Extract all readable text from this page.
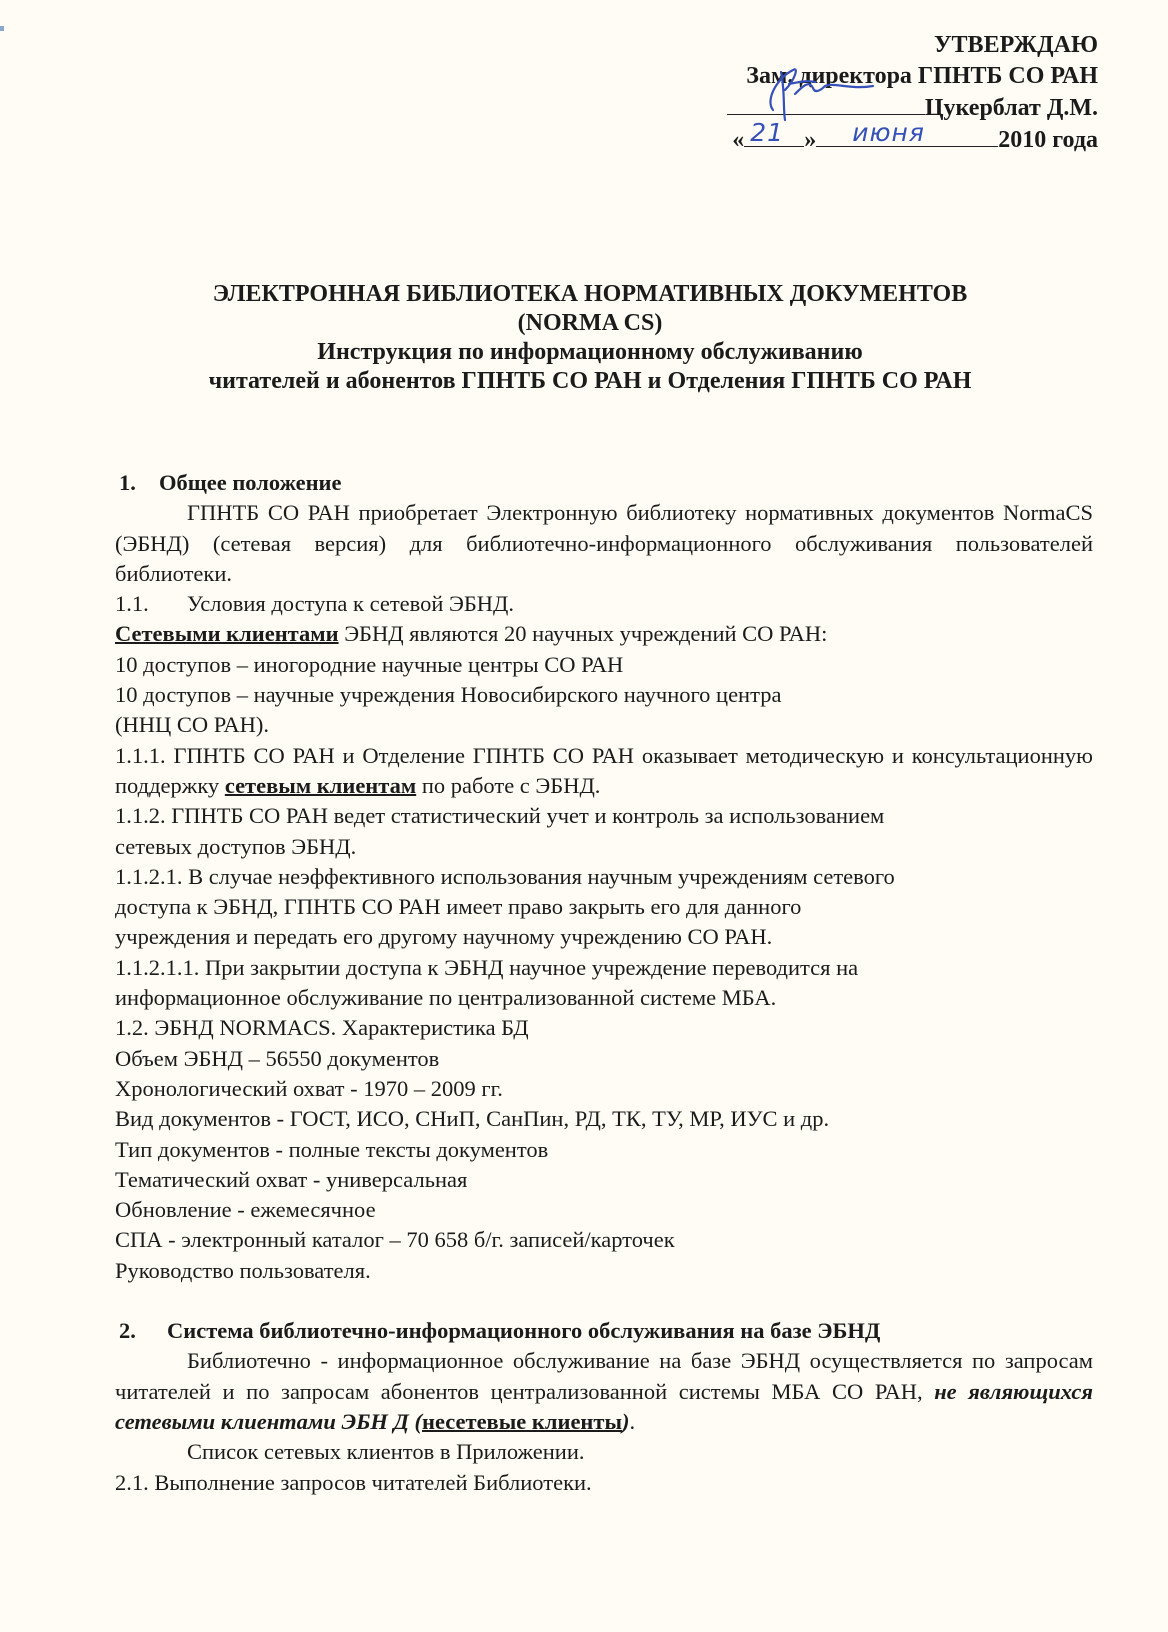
УТВЕРЖДАЮ
Зам. директора ГПНТБ СО РАН
Цукерблат Д.М.
« 21 » июня	2010 года
ЭЛЕКТРОННАЯ БИБЛИОТЕКА НОРМАТИВНЫХ ДОКУМЕНТОВ
(NORMA CS)
Инструкция по информационному обслуживанию
читателей и абонентов ГПНТБ СО РАН и Отделения ГПНТБ СО РАН

1. Общее положение

ГПНТБ СО РАН приобретает Электронную библиотеку нормативных документов NormaCS (ЭБНД) (сетевая версия) для библиотечно-информационного обслуживания пользователей библиотеки.

1.1. Условия доступа к сетевой ЭБНД.

Сетевыми клиентами ЭБНД являются 20 научных учреждений СО РАН:

10 доступов – иногородние научные центры СО РАН

10 доступов – научные учреждения Новосибирского научного центра

(ННЦ СО РАН).

1.1.1. ГПНТБ СО РАН и Отделение ГПНТБ СО РАН оказывает методическую и консультационную поддержку сетевым клиентам по работе с ЭБНД.

1.1.2. ГПНТБ СО РАН ведет статистический учет и контроль за использованием

сетевых доступов ЭБНД.

1.1.2.1. В случае неэффективного использования научным учреждениям сетевого

доступа к ЭБНД, ГПНТБ СО РАН имеет право закрыть его для данного

учреждения и передать его другому научному учреждению СО РАН.

1.1.2.1.1. При закрытии доступа к ЭБНД научное учреждение переводится на

информационное обслуживание по централизованной системе МБА.

1.2. ЭБНД NORMACS. Характеристика БД

Объем ЭБНД – 56550 документов

Хронологический охват - 1970 – 2009 гг.

Вид документов - ГОСТ, ИСО, СНиП, СанПин, РД, ТК, ТУ, МР, ИУС и др.

Тип документов - полные тексты документов

Тематический охват - универсальная

Обновление - ежемесячное

СПА - электронный каталог – 70 658 б/г. записей/карточек

Руководство пользователя.

2. Система библиотечно-информационного обслуживания на базе ЭБНД

Библиотечно - информационное обслуживание на базе ЭБНД осуществляется по запросам читателей и по запросам абонентов централизованной системы МБА СО РАН, не являющихся сетевыми клиентами ЭБН Д (несетевые клиенты).

Список сетевых клиентов в Приложении.

2.1. Выполнение запросов читателей Библиотеки.
